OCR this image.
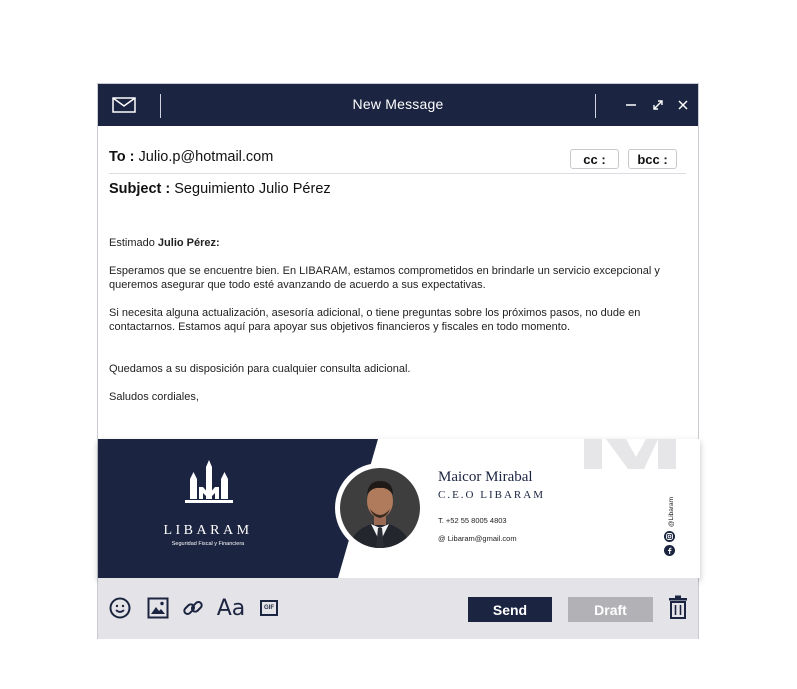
New Message
To : Julio.p@hotmail.com	cc :	bcc :
Subject : Seguimiento Julio Pérez
Estimado Julio Pérez:
Esperamos que se encuentre bien. En LIBARAM, estamos comprometidos en brindarle un servicio excepcional y queremos asegurar que todo esté avanzando de acuerdo a sus expectativas.
Si necesita alguna actualización, asesoría adicional, o tiene preguntas sobre los próximos pasos, no dude en contactarnos. Estamos aquí para apoyar sus objetivos financieros y fiscales en todo momento.
Quedamos a su disposición para cualquier consulta adicional.
Saludos cordiales,
LIBARAM
Seguridad Fiscal y Financiera
Maicor Mirabal
C.E.O LIBARAM
T. +52 55 8005 4803
@ Libaram@gmail.com
@Libaram
Aa	GIF	Send	Draft
